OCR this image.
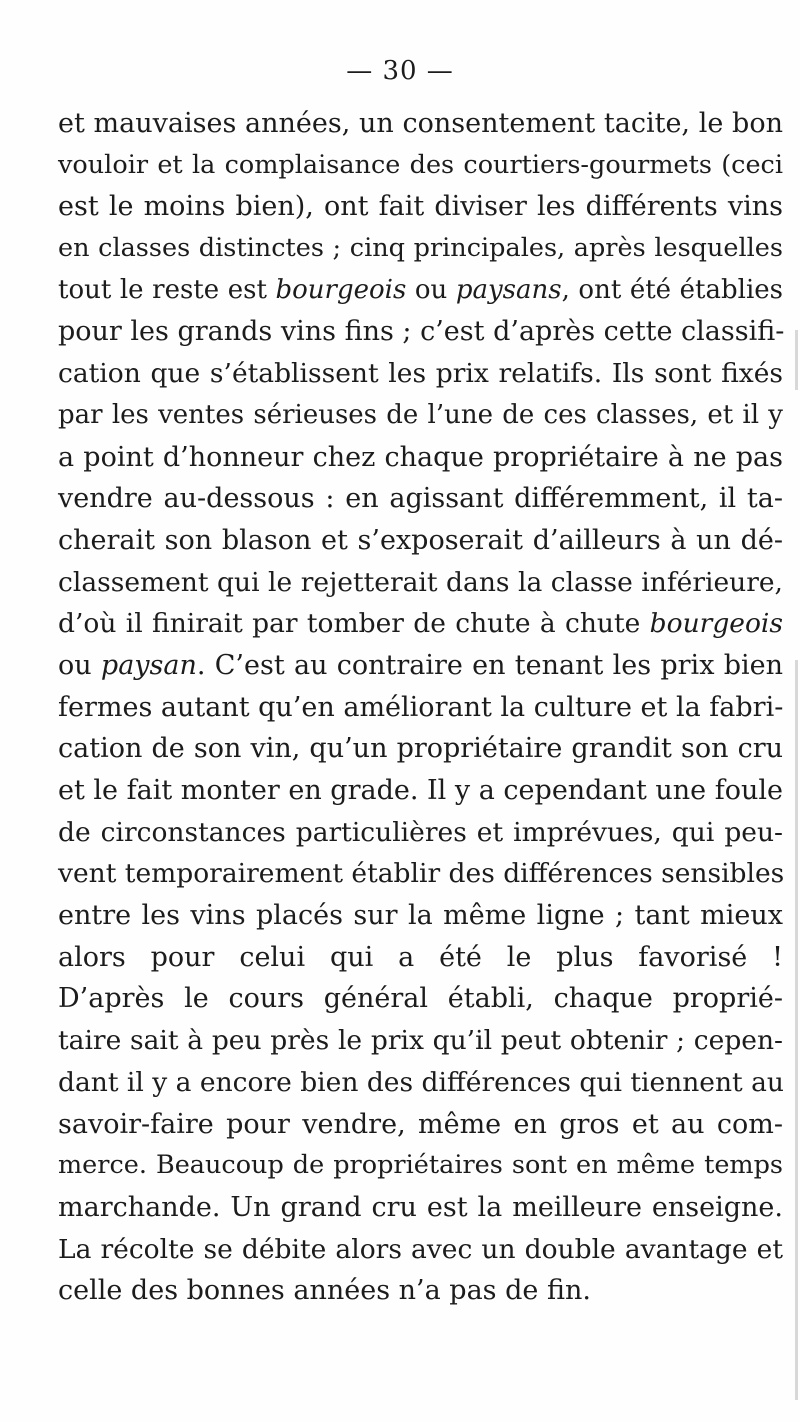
— 30 —
et mauvaises années, un consentement tacite, le bon
vouloir et la complaisance des courtiers-gourmets (ceci
est le moins bien), ont fait diviser les différents vins
en classes distinctes ; cinq principales, après lesquelles
tout le reste est bourgeois ou paysans, ont été établies
pour les grands vins fins ; c’est d’après cette classifi-
cation que s’établissent les prix relatifs. Ils sont fixés
par les ventes sérieuses de l’une de ces classes, et il y
a point d’honneur chez chaque propriétaire à ne pas
vendre au-dessous : en agissant différemment, il ta-
cherait son blason et s’exposerait d’ailleurs à un dé-
classement qui le rejetterait dans la classe inférieure,
d’où il finirait par tomber de chute à chute bourgeois
ou paysan. C’est au contraire en tenant les prix bien
fermes autant qu’en améliorant la culture et la fabri-
cation de son vin, qu’un propriétaire grandit son cru
et le fait monter en grade. Il y a cependant une foule
de circonstances particulières et imprévues, qui peu-
vent temporairement établir des différences sensibles
entre les vins placés sur la même ligne ; tant mieux
alors pour celui qui a été le plus favorisé !
D’après le cours général établi, chaque proprié-
taire sait à peu près le prix qu’il peut obtenir ; cepen-
dant il y a encore bien des différences qui tiennent au
savoir-faire pour vendre, même en gros et au com-
merce. Beaucoup de propriétaires sont en même temps
marchande. Un grand cru est la meilleure enseigne.
La récolte se débite alors avec un double avantage et
celle des bonnes années n’a pas de fin.
